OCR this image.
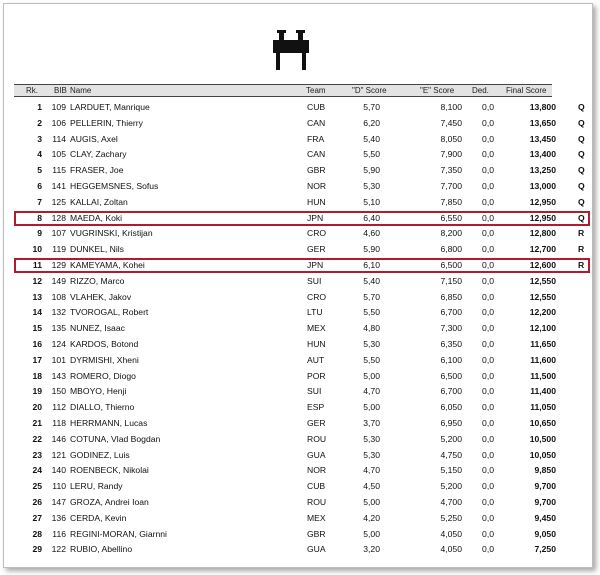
Rk. BIB Name	Team	"D" Score	"E" Score Ded. Final Score
1	109 LARDUET, Manrique	CUB	5,70	8,100	0,0	13,800	Q
2	106 PELLERIN, Thierry	CAN	6,20	7,450	0,0	13,650	Q
3	114 AUGIS, Axel	FRA	5,40	8,050	0,0	13,450	Q
4	105 CLAY, Zachary	CAN	5,50	7,900	0,0	13,400	Q
5	115 FRASER, Joe	GBR	5,90	7,350	0,0	13,250	Q
6	141 HEGGEMSNES, Sofus	NOR	5,30	7,700	0,0	13,000	Q
7	125 KALLAI, Zoltan	HUN	5,10	7,850	0,0	12,950	Q
8	128 MAEDA, Koki	JPN	6,40	6,550	0,0	12,950	Q
9	107 VUGRINSKI, Kristijan	CRO	4,60	8,200	0,0	12,800	R
10	119 DUNKEL, Nils	GER	5,90	6,800	0,0	12,700	R
11	129 KAMEYAMA, Kohei	JPN	6,10	6,500	0,0	12,600	R
12	149 RIZZO, Marco	SUI	5,40	7,150	0,0	12,550
13	108 VLAHEK, Jakov	CRO	5,70	6,850	0,0	12,550
14	132 TVOROGAL, Robert	LTU	5,50	6,700	0,0	12,200
15	135 NUNEZ, Isaac	MEX	4,80	7,300	0,0	12,100
16	124 KARDOS, Botond	HUN	5,30	6,350	0,0	11,650
17	101 DYRMISHI, Xheni	AUT	5,50	6,100	0,0	11,600
18	143 ROMERO, Diogo	POR	5,00	6,500	0,0	11,500
19	150 MBOYO, Henji	SUI	4,70	6,700	0,0	11,400
20	112 DIALLO, Thierno	ESP	5,00	6,050	0,0	11,050
21	118 HERRMANN, Lucas	GER	3,70	6,950	0,0	10,650
22	146 COTUNA, Vlad Bogdan	ROU	5,30	5,200	0,0	10,500
23	121 GODINEZ, Luis	GUA	5,30	4,750	0,0	10,050
24	140 ROENBECK, Nikolai	NOR	4,70	5,150	0,0	9,850
25	110 LERU, Randy	CUB	4,50	5,200	0,0	9,700
26	147 GROZA, Andrei Ioan	ROU	5,00	4,700	0,0	9,700
27	136 CERDA, Kevin	MEX	4,20	5,250	0,0	9,450
28	116 REGINI-MORAN, Giarnni	GBR	5,00	4,050	0,0	9,050
29	122 RUBIO, Abellino	GUA	3,20	4,050	0,0	7,250
